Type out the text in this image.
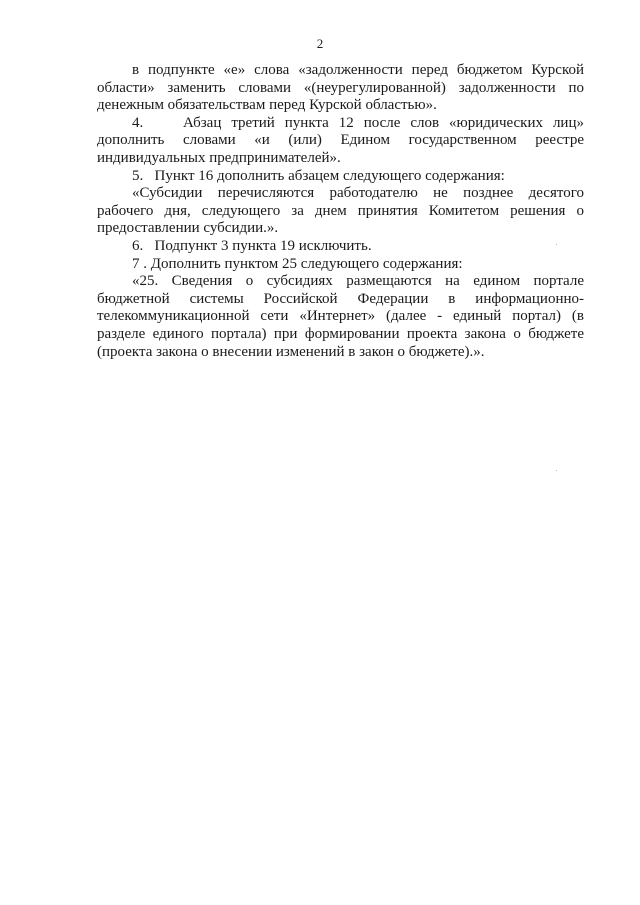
2

в подпункте «е» слова «задолженности перед бюджетом Курской области» заменить словами «(неурегулированной) задолженности по денежным обязательствам перед Курской областью».

4.    Абзац третий пункта 12 после слов «юридических лиц» дополнить словами «и (или) Едином государственном реестре индивидуальных предпринимателей».

5.   Пункт 16 дополнить абзацем следующего содержания:

«Субсидии перечисляются работодателю не позднее десятого рабочего дня, следующего за днем принятия Комитетом решения о предоставлении субсидии.».

6.   Подпункт 3 пункта 19 исключить.

7 . Дополнить пунктом 25 следующего содержания:

«25. Сведения о субсидиях размещаются на едином портале бюджетной системы Российской Федерации в информационно-телекоммуникационной сети «Интернет» (далее - единый портал) (в разделе единого портала) при формировании проекта закона о бюджете (проекта закона о внесении изменений в закон о бюджете).».
